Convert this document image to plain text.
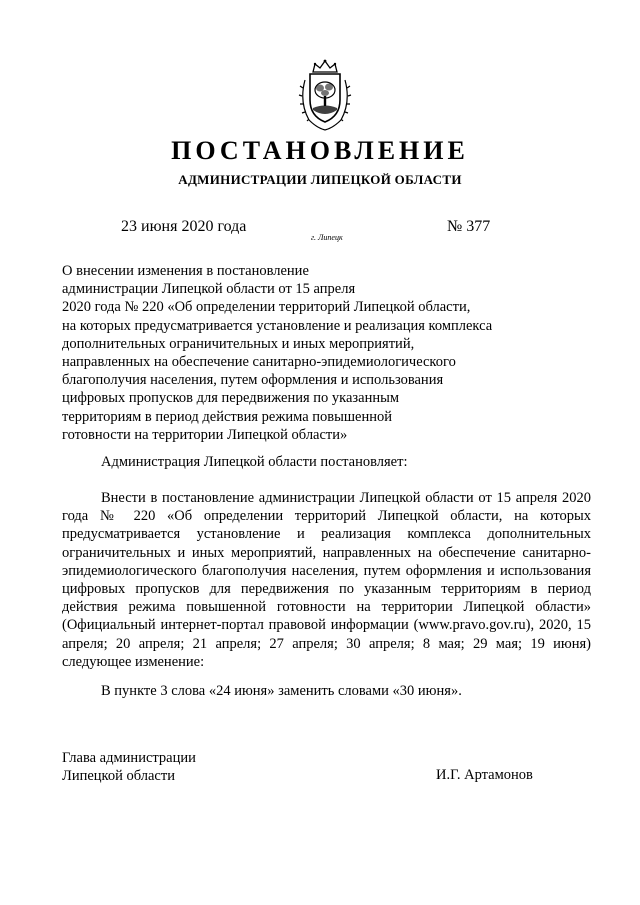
ПОСТАНОВЛЕНИЕ
АДМИНИСТРАЦИИ ЛИПЕЦКОЙ ОБЛАСТИ
23 июня 2020 года
г. Липецк
№ 377

О внесении изменения в постановление
администрации Липецкой области от 15 апреля
2020 года № 220 «Об определении территорий Липецкой области,
на которых предусматривается установление и реализация комплекса
дополнительных ограничительных и иных мероприятий,
направленных на обеспечение санитарно-эпидемиологического
благополучия населения, путем оформления и использования
цифровых пропусков для передвижения по указанным
территориям в период действия режима повышенной
готовности на территории Липецкой области»

Администрация Липецкой области постановляет:

Внести в постановление администрации Липецкой области от 15 апреля 2020 года № 220 «Об определении территорий Липецкой области, на которых предусматривается установление и реализация комплекса дополнительных ограничительных и иных мероприятий, направленных на обеспечение санитарно-эпидемиологического благополучия населения, путем оформления и использования цифровых пропусков для передвижения по указанным территориям в период действия режима повышенной готовности на территории Липецкой области» (Официальный интернет-портал правовой информации (www.pravo.gov.ru), 2020, 15 апреля; 20 апреля; 21 апреля; 27 апреля; 30 апреля; 8 мая; 29 мая; 19 июня) следующее изменение:

В пункте 3 слова «24 июня» заменить словами «30 июня».

Глава администрации
Липецкой области	И.Г. Артамонов
